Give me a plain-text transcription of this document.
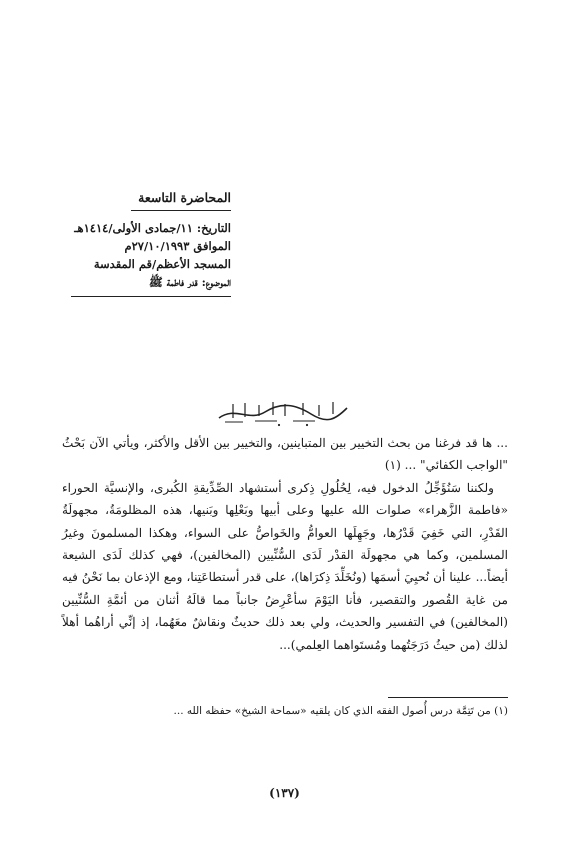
المحاضرة التاسعة
التاريخ: ١١/جمادى الأولى/١٤١٤هـ
الموافق ٢٧/١٠/١٩٩٣م
المسجد الأعظم/قم المقدسة
الموضوع: قدر فاطمة ﷺ

... ها قد فرغنا من بحث التخيير بين المتباينين، والتخيير بين الأقل والأكثر، ويأتي الآن بَحْثُ "الواجب الكفائي" ... (١)

ولكننا سَنُؤَجِّلُ الدخول فيه، لِحُلُولِ ذِكرى أستشهاد الصِّدِّيقةِ الكُبرى، والإنسيَّة الحوراء «فاطمة الزَّهراء» صلوات الله عليها وعلى أبيها وبَعْلِها وبَنيها، هذه المظلومَةُ، مجهولَةُ القَدْرِ، التي خَفِيَ قَدْرُها، وجَهِلَها العوامُّ والخَواصُّ على السواء، وهكذا المسلمونَ وغيرُ المسلمين، وكما هي مجهولَة القدْر لَدَى السُّنِّيين (المخالفين)، فهي كذلك لَدَى الشيعة أيضاً... علينا أن نُحيِيَ أسمَها (ونُخَلِّدَ ذِكرَاها)، على قدر أستطاعَتِنا، ومع الإذعان بما نَحْنُ فيه من غاية القُصور والتقصير، فأنا اليَوْمَ سأعْرِضُ جانباً مما قالَهُ أثنان من أئمَّةِ السُّنِّيين (المخالفين) في التفسير والحديث، ولي بعد ذلك حديثٌ ونقاشٌ معَهُما، إذ إنِّي أراهُما أهلاً لذلك (من حيثُ دَرَجَتُهما ومُستَواهما العِلمي)...

(١) من تَتِمَّة درس أُصول الفقه الذي كان يلقيه «سماحة الشيخ» حفظه الله ...
(١٣٧)
